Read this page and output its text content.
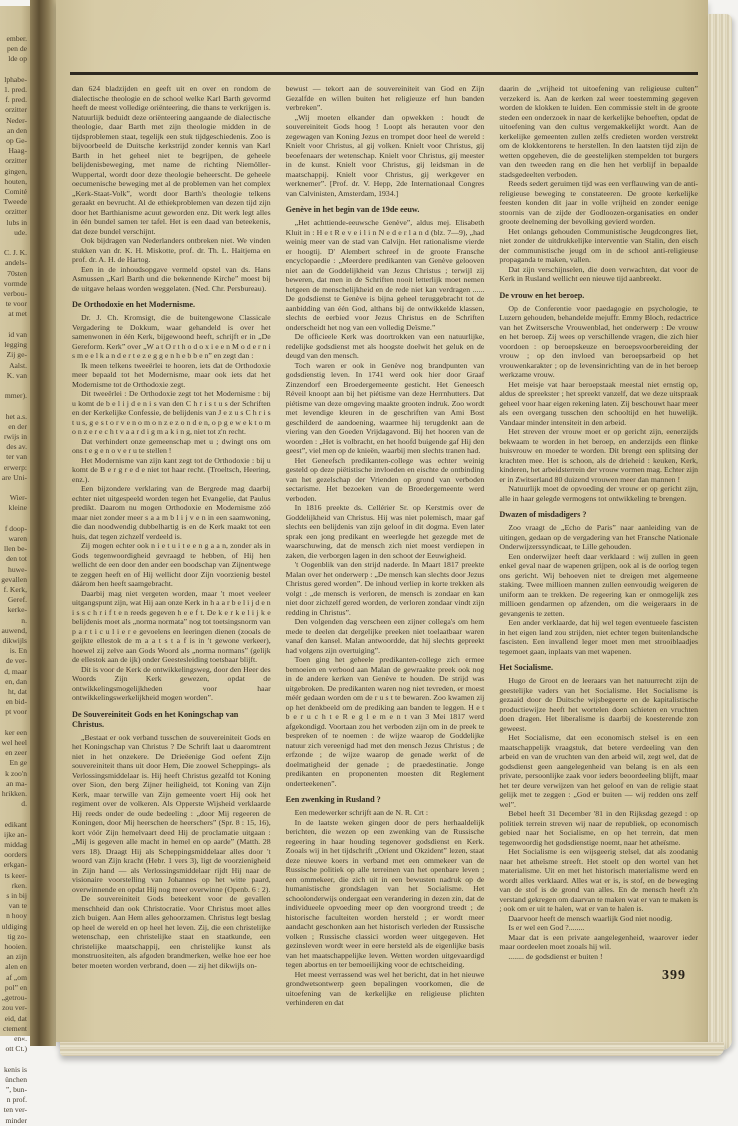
ember.
pen de
lde op

lphabe-
1. pred.
f. pred.
orzitter
Neder-
an den
op Ge-
Haag-
orzitter
gingen,
houten,
Comité
Tweede
orzitter
lubs in
ude.

C. J. K.
andels-
70sten
vormde
verbou-
te voor
at met

id van
legging
Zij ge-
Aalst.
K. van

mmer).

het a.s.
en der
rwijs in
des av.
ter van
erwerp:
are Uni-

Wier-
kleine

f doop-
waren
llen be-
den tot
huwe-
gevallen
f. Kerk,
Geref.
kerke-
n.
auwend,
dikwijls
is. En
de ver-
d, maar
en, dan
ht, dat
en bid-
pt voor

ker een
wel heel
en zeer
En ge
k zoo'n
an ma-
hrikken.
d.

edikant
ijke an-
middag
oorders
erkgan-
ts keer-
rken.
s in bij
van te
n hooy
uldiging
tig zo-
hooien.
an zijn
alen en
af „om
pol” en
„getrou-
zou ver-
eid, dat
ctement
en«.
ott Ct.)

kenis is
ünchen
”, bun-
n prof.
ten ver-
minder

dan 624 bladzijden en geeft uit en over en rondom de dialectische theologie en de school welke Karl Barth gevormd heeft de meest volledige oriënteering, die thans te verkrijgen is. Natuurlijk beduidt deze oriënteering aangaande de dialectische theologie, daar Barth met zijn theologie midden in de tijdsproblemen staat, tegelijk een stuk tijdgeschiedenis. Zoo is bijvoorbeeld de Duitsche kerkstrijd zonder kennis van Karl Barth in het geheel niet te begrijpen, de geheele belijdenisbeweging, met name de richting Niemöller-Wuppertal, wordt door deze theologie beheerscht. De geheele oecumenische beweging met al de problemen van het complex „Kerk-Staat-Volk”, wordt door Barth's theologie telkens geraakt en bevrucht. Al de ethiekproblemen van dezen tijd zijn door het Barthianisme acuut geworden enz. Dit werk legt alles in één bundel samen ter tafel. Het is een daad van beteekenis, dat deze bundel verschijnt.

Ook bijdragen van Nederlanders ontbreken niet. We vinden stukken van dr. K. H. Miskotte, prof. dr. Th. L. Haitjema en prof. dr. A. H. de Hartog.

Een in de inhoudsopgave vermeld opstel van ds. Hans Asmussen „Karl Barth und die bekennende Kirche” moest bij de uitgave helaas worden weggelaten. (Ned. Chr. Persbureau).

De Orthodoxie en het Modernisme.

Dr. J. Ch. Kromsigt, die de buitengewone Classicale Vergadering te Dokkum, waar gehandeld is over het samenwonen in één Kerk, bijgewoond heeft, schrijft er in „De Gereform. Kerk” over „W a t O r t h o d o x i e e n M o d e r n i s m e e l k a n d e r t e z e g g e n h e b b e n” en zegt dan :

Ik meen telkens tweeërlei te hooren, iets dat de Orthodoxie meer bepaald tot het Modernisme, maar ook iets dat het Modernisme tot de Orthodoxie zegt.

Dit tweeërlei : De Orthodoxie zegt tot het Modernisme : bij u komt de b e l i j d e n i s van den C h r i s t u s der Schriften en der Kerkelijke Confessie, de belijdenis van J e z u s C h r i s t u s, g e s t o r v e n o m o n z e z o n d e n, o p g e w e k t o m o n z e r e c h t v a a r d i g m a k i n g, niet tot z'n recht.

Dat verhindert onze gemeenschap met u ; dwingt ons om ons t e g e n o v e r u te stellen !

Het Modernisme van zijn kant zegt tot de Orthodoxie : bij u komt de B e r g r e d e niet tot haar recht. (Troeltsch, Heering, enz.).

Een bijzondere verklaring van de Bergrede mag daarbij echter niet uitgespeeld worden tegen het Evangelie, dat Paulus predikt. Daarom nu mogen Orthodoxie en Modernisme zóó maar niet zonder meer s a a m b l i j v e n in een saamwoning, die dan noodwendig dubbelhartig is en de Kerk maakt tot een huis, dat tegen zichzelf verdeeld is.

Zij mogen echter ook n i e t u i t e e n g a a n, zonder als in Gods tegenwoordigheid gevraagd te hebben, of Hij hen wellicht de een door den ander een boodschap van Zijnentwege te zeggen heeft en of Hij wellicht door Zijn voorzienig bestel dáárom hen heeft saamgebracht.

Daarbij mag niet vergeten worden, maar 't moet veeleer uitgangspunt zijn, wat Hij aan onze Kerk in h a a r b e l i j d e n i s s c h r i f t e n reeds gegeven h e e f t. De k e r k e l i j k e belijdenis moet als „norma normata” nog tot toetsingsnorm van p a r t i c u l i e r e gevoelens en leeringen dienen (zooals de geijkte ellestok de m a a t s t a f is in 't gewone verkeer), hoewel zij zelve aan Gods Woord als „norma normans” (gelijk de ellestok aan de ijk) onder Geestesleiding toetsbaar blijft.

Dit is voor de Kerk de ontwikkelingsweg, door den Heer des Woords Zijn Kerk gewezen, opdat de ontwikkelingsmogelijkheden voor haar ontwikkelingswerkelijkheid mogen worden”.

De Souvereiniteit Gods en het Koningschap van Christus.

„Bestaat er ook verband tusschen de souvereiniteit Gods en het Koningschap van Christus ? De Schrift laat u daaromtrent niet in het onzekere. De Drieëenige God oefent Zijn souvereiniteit thans uit door Hem, Die zoowel Scheppings- als Verlossingsmiddelaar is. Hij heeft Christus gezalfd tot Koning over Sion, den berg Zijner heiligheid, tot Koning van Zijn Kerk, maar terwille van Zijn gemeente voert Hij ook het regiment over de volkeren. Als Opperste Wijsheid verklaarde Hij reeds onder de oude bedeeling : „door Mij regeeren de Koningen, door Mij heerschen de heerschers” (Spr. 8 : 15, 16), kort vóór Zijn hemelvaart deed Hij de proclamatie uitgaan : „Mij is gegeven alle macht in hemel en op aarde” (Matth. 28 vers 18). Draagt Hij als Scheppingsmiddelaar alles door 't woord van Zijn kracht (Hebr. 1 vers 3), ligt de voorzienigheid in Zijn hand — als Verlossingsmiddelaar rijdt Hij naar de visionaire voorstelling van Johannes op het witte paard, overwinnende en opdat Hij nog meer overwinne (Openb. 6 : 2).

De souvereiniteit Gods beteekent voor de gevallen menschheid dan ook Christocratie. Voor Christus moet alles zich buigen. Aan Hem alles gehoorzamen. Christus legt beslag op heel de wereld en op heel het leven. Zij, die een christelijke wetenschap, een christelijke staat en staatkunde, een christelijke maatschappij, een christelijke kunst als monstruositeiten, als afgoden brandmerken, welke hoe eer hoe beter moeten worden verbrand, doen — zij het dikwijls on-

bewust — tekort aan de souvereiniteit van God en Zijn Gezalfde en willen buiten het religieuze erf hun banden verbreken”.

„Wij moeten elkander dan opwekken : houdt de souvereiniteit Gods hoog ! Loopt als herauten voor den zegewagen van Koning Jezus en trompet door heel de wereld : Knielt voor Christus, al gij volken. Knielt voor Christus, gij beoefenaars der wetenschap. Knielt voor Christus, gij meester in de kunst. Knielt voor Christus, gij leidsman in de maatschappij. Knielt voor Christus, gij werkgever en werknemer”. [Prof. dr. V. Hepp, 2de Internationaal Congres van Calvinisten, Amsterdam, 1934.]

Genève in het begin van de 19de eeuw.

„Het achttiende-eeuwsche Genève”, aldus mej. Elisabeth Kluit in : H e t R e v e i l i n N e d e r l a n d (blz. 7—9), „had weinig meer van de stad van Calvijn. Het rationalisme vierde er hoogtij. D' Alembert schreef in de groote Fransche encyclopaedie : „Meerdere predikanten van Genève gelooven niet aan de Goddelijkheid van Jezus Christus ; terwijl zij beweren, dat men in de Schriften nooit letterlijk moet nemen hetgeen de menschelijkheid en de rede niet kan verdragen ...... De godsdienst te Genève is bijna geheel teruggebracht tot de aanbidding van één God, althans bij de ontwikkelde klassen, slechts de eerbied voor Jezus Christus en de Schriften onderscheidt het nog van een volledig Deïsme.”

De officieele Kerk was doortrokken van een natuurlijke, redelijke godsdienst met als hoogste doelwit het geluk en de deugd van den mensch.

Toch waren er ook in Genève nog brandpunten van godsdienstig leven. In 1741 werd ook hier door Graaf Zinzendorf een Broedergemeente gesticht. Het Geneesch Réveil knoopt aan bij het piétisme van deze Herrnhutters. Dat piétisme van deze omgeving maakte grooten indruk. Zoo wordt met levendige kleuren in de geschriften van Ami Bost geschilderd de aandoening, waarmee hij terugdenkt aan de viering van den Goeden Vrijdagavond. Bij het hooren van de woorden : „Het is volbracht, en het hoofd buigende gaf Hij den geest”, viel men op de knieën, waarbij men slechts tranen had.

Het Geneefsch predikanten-college was echter weinig gesteld op deze piëtistische invloeden en eischte de ontbinding van het gezelschap der Vrienden op grond van verboden sectarisme. Het bezoeken van de Broedergemeente werd verboden.

In 1816 preekte ds. Cellérier Sr. op Kerstmis over de Goddelijkheid van Christus. Hij was niet polemisch, maar gaf slechts een belijdenis van zijn geloof in dit dogma. Even later sprak een jong predikant en weerlegde het gezegde met de waarschuwing, dat de mensch zich niet moest verdiepen in zaken, die verborgen lagen in den schoot der Eeuwigheid.

't Oogenblik van den strijd naderde. In Maart 1817 preekte Malan over het onderwerp : „De mensch kan slechts door Jezus Christus gered worden”. De inhoud verliep in korte trekken als volgt : „de mensch is verloren, de mensch is zondaar en kan niet door zichzelf gered worden, de verloren zondaar vindt zijn redding in Christus”.

Den volgenden dag verscheen een zijner collega's om hem mede te deelen dat dergelijke preeken niet toelaatbaar waren vanaf den kansel. Malan antwoordde, dat hij slechts gepreekt had volgens zijn overtuiging”.

Toen ging het geheele predikanten-college zich ermee bemoeien en verbood aan Malan de gewraakte preek ook nog in de andere kerken van Genève te houden. De strijd was uitgebroken. De predikanten waren nog niet tevreden, er moest méér gedaan worden om de r u s t te bewaren. Zoo kwamen zij op het denkbeeld om de prediking aan banden te leggen. H e t b e r u c h t e R e g l e m e n t van 3 Mei 1817 werd afgekondigd. Voortaan zou het verboden zijn om in de preek te bespreken of te noemen : de wijze waarop de Goddelijke natuur zich vereenigd had met den mensch Jezus Christus ; de erfzonde ; de wijze waarop de genade werkt of de doelmatigheid der genade ; de praedestinatie. Jonge predikanten en proponenten moesten dit Reglement onderteekenen”.

Een zwenking in Rusland ?

Een medewerker schrijft aan de N. R. Crt :

In de laatste weken gingen door de pers herhaaldelijk berichten, die wezen op een zwenking van de Russische regeering in haar houding tegenover godsdienst en Kerk. Zooals wij in het tijdschrift „Orient und Okzident” lezen, staat deze nieuwe koers in verband met een ommekeer van de Russische politiek op alle terreinen van het openbare leven ; een ommekeer, die zich uit in een bewusten nadruk op de humanistische grondslagen van het Socialisme. Het schoolonderwijs ondergaat een verandering in dezen zin, dat de individueele opvoeding meer op den voorgrond treedt ; de historische faculteiten worden hersteld ; er wordt meer aandacht geschonken aan het historisch verleden der Russische volken ; Russische classici worden weer uitgegeven. Het gezinsleven wordt weer in eere hersteld als de eigenlijke basis van het maatschappelijke leven. Wetten worden uitgevaardigd tegen abortus en ter bemoeilijking voor de echtscheiding.

Het meest verrassend was wel het bericht, dat in het nieuwe grondwetsontwerp geen bepalingen voorkomen, die de uitoefening van de kerkelijke en religieuse plichten verhinderen en dat

daarin de „vrijheid tot uitoefening van religieuse culten” verzekerd is. Aan de kerken zal weer toestemming gegeven worden de klokken te luiden. Een commissie stelt in de groote steden een onderzoek in naar de kerkelijke behoeften, opdat de uitoefening van den cultus vergemakkelijkt wordt. Aan de kerkelijke gemeenten zullen zelfs credieten worden verstrekt om de klokkentorens te herstellen. In den laatsten tijd zijn de wetten opgeheven, die de geestelijken stempelden tot burgers van den tweeden rang en die hen het verblijf in bepaalde stadsgedeelten verboden.

Reeds sedert geruimen tijd was een verflauwing van de anti-religieuse beweging te constateeren. De groote kerkelijke feesten konden dit jaar in volle vrijheid en zonder eenige stoornis van de zijde der Godloozen-organisaties en onder groote deelneming der bevolking gevierd worden.

Het onlangs gehouden Communistische Jeugdcongres liet, niet zonder de uitdrukkelijke interventie van Stalin, den eisch der communistische jeugd om in de school anti-religieuse propaganda te maken, vallen.

Dat zijn verschijnselen, die doen verwachten, dat voor de Kerk in Rusland wellicht een nieuwe tijd aanbreekt.

De vrouw en het beroep.

Op de Conferentie voor paedagogie en psychologie, te Luzern gehouden, behandelde mejuffr. Emmy Bloch, redactrice van het Zwitsersche Vrouwenblad, het onderwerp : De vrouw en het beroep. Zij wees op verschillende vragen, die zich hier voordoen : op beroepskeuze en beroepsvoorbereiding der vrouw ; op den invloed van beroepsarbeid op het vrouwenkarakter ; op de levensinrichting van de in het beroep werkzame vrouw.

Het meisje vat haar beroepstaak meestal niet ernstig op, aldus de spreekster ; het spreekt vanzelf, dat we deze uitspraak geheel voor haar eigen rekening laten. Zij beschouwt haar meer als een overgang tusschen den schooltijd en het huwelijk. Vandaar minder intensiteit in den arbeid.

Het streven der vrouw moet er op gericht zijn, eenerzijds bekwaam te worden in het beroep, en anderzijds een flinke huisvrouw en moeder te worden. Dit brengt een splitsing der krachten mee. Het is schoon, als de drieheid : keuken, Kerk, kinderen, het arbeidsterrein der vrouw vormen mag. Echter zijn er in Zwitserland 80 duizend vrouwen meer dan mannen !

Natuurlijk moet de opvoeding der vrouw er op gericht zijn, alle in haar gelegde vermogens tot ontwikkeling te brengen.

Dwazen of misdadigers ?

Zoo vraagt de „Echo de Paris” naar aanleiding van de uitingen, gedaan op de vergadering van het Fransche Nationale Onderwijzerssyndicaat, te Lille gehouden.

Een onderwijzer heeft daar verklaard : wij zullen in geen enkel geval naar de wapenen grijpen, ook al is de oorlog tegen ons gericht. Wij behoeven niet te dreigen met algemeene staking. Twee millioen mannen zullen eenvoudig weigeren de uniform aan te trekken. De regeering kan er onmogelijk zes millioen gendarmen op afzenden, om die weigeraars in de gevangenis te zetten.

Een ander verklaarde, dat hij wel tegen eventueele fascisten in het eigen land zou strijden, niet echter tegen buitenlandsche fascisten. Een invallend leger moet men met strooiblaadjes tegemoet gaan, inplaats van met wapenen.

Het Socialisme.

Hugo de Groot en de leeraars van het natuurrecht zijn de geestelijke vaders van het Socialisme. Het Socialisme is gezaaid door de Duitsche wijsbegeerte en de kapitalistische productiewijze heeft het wortelen doen schieten en vruchten doen dragen. Het liberalisme is daarbij de koesterende zon geweest.

Het Socialisme, dat een economisch stelsel is en een maatschappelijk vraagstuk, dat betere verdeeling van den arbeid en van de vruchten van den arbeid wil, zegt wel, dat de godsdienst geen aangelegenheid van belang is en als een private, persoonlijke zaak voor ieders beoordeeling blijft, maar het ter deure verwijzen van het geloof en van de religie staat gelijk met te zeggen : „God er buiten — wij redden ons zelf wel”.

Bebel heeft 31 December '81 in den Rijksdag gezegd : op politiek terrein streven wij naar de republiek, op economisch gebied naar het Socialisme, en op het terrein, dat men tegenwoordig het godsdienstige noemt, naar het atheïsme.

Het Socialisme is een wijsgeerig stelsel, dat als zoodanig naar het atheïsme streeft. Het stoelt op den wortel van het materialisme. Uit en met het historisch materialisme werd en wordt alles verklaard. Alles wat er is, is stof, en de beweging van de stof is de grond van alles. En de mensch heeft z'n verstand gekregen om daarvan te maken wat er van te maken is ; ook om er uit te halen, wat er van te halen is.

Daarvoor heeft de mensch waarlijk God niet noodig.

Is er wel een God ?........

Maar dat is een private aangelegenheid, waarover ieder maar oordeelen moet zooals hij wil.

........ de godsdienst er buiten !

399
